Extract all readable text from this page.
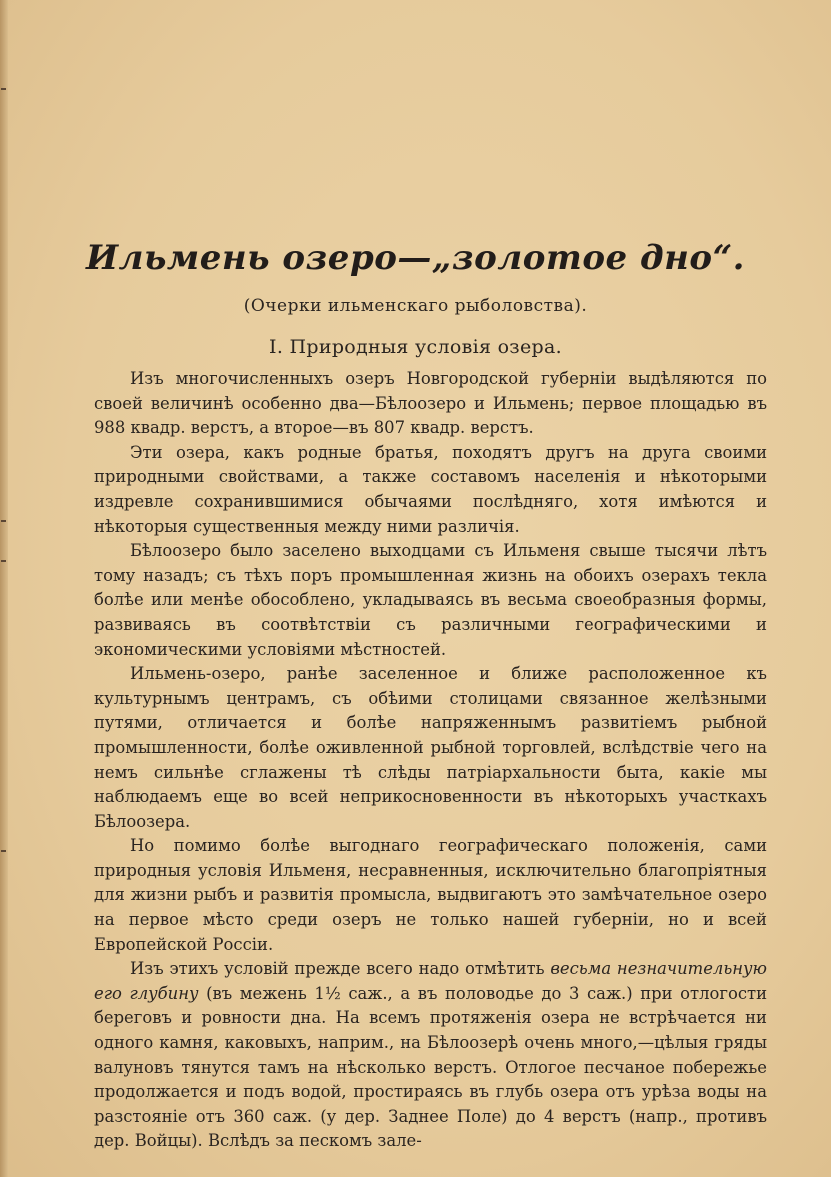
Ильмень озеро—„золотое дно“.
(Очерки ильменскаго рыболовства).
I. Природныя условія озера.

Изъ многочисленныхъ озеръ Новгородской губерніи выдѣляются по своей величинѣ особенно два—Бѣлоозеро и Ильмень; первое площадью въ 988 квадр. верстъ, а второе—въ 807 квадр. верстъ.

Эти озера, какъ родные братья, походятъ другъ на друга своими природными свойствами, а также составомъ населенія и нѣкоторыми издревле сохранившимися обычаями послѣдняго, хотя имѣются и нѣкоторыя существенныя между ними различія.

Бѣлоозеро было заселено выходцами съ Ильменя свыше тысячи лѣтъ тому назадъ; съ тѣхъ поръ промышленная жизнь на обоихъ озерахъ текла болѣе или менѣе обособлено, укладываясь въ весьма своеобразныя формы, развиваясь въ соотвѣтствіи съ различными географическими и экономическими условіями мѣстностей.

Ильмень-озеро, ранѣе заселенное и ближе расположенное къ культурнымъ центрамъ, съ обѣими столицами связанное желѣзными путями, отличается и болѣе напряженнымъ развитіемъ рыбной промышленности, болѣе оживленной рыбной торговлей, вслѣдствіе чего на немъ сильнѣе сглажены тѣ слѣды патріархальности быта, какіе мы наблюдаемъ еще во всей неприкосновенности въ нѣкоторыхъ участкахъ Бѣлоозера.

Но помимо болѣе выгоднаго географическаго положенія, сами природныя условія Ильменя, несравненныя, исключительно благопріятныя для жизни рыбъ и развитія промысла, выдвигаютъ это замѣчательное озеро на первое мѣсто среди озеръ не только нашей губерніи, но и всей Европейской Россіи.

Изъ этихъ условій прежде всего надо отмѣтить весьма незначительную его глубину (въ межень 1½ саж., а въ половодье до 3 саж.) при отлогости береговъ и ровности дна. На всемъ протяженія озера не встрѣчается ни одного камня, каковыхъ, наприм., на Бѣлоозерѣ очень много,—цѣлыя гряды валуновъ тянутся тамъ на нѣсколько верстъ. Отлогое песчаное побережье продолжается и подъ водой, простираясь въ глубь озера отъ урѣза воды на разстояніе отъ 360 саж. (у дер. Заднее Поле) до 4 верстъ (напр., противъ дер. Войцы). Вслѣдъ за пескомъ зале-
